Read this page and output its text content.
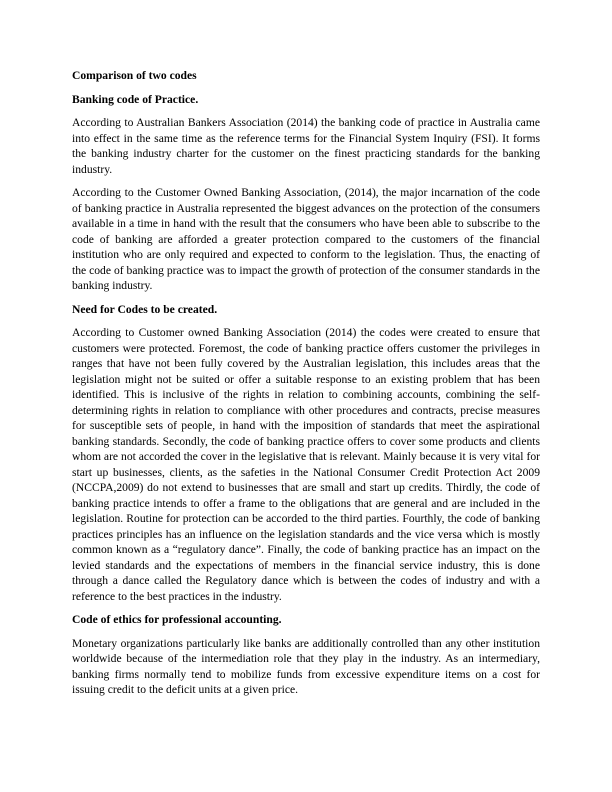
Comparison of two codes

Banking code of Practice.

According to Australian Bankers Association (2014) the banking code of practice in Australia came into effect in the same time as the reference terms for the Financial System Inquiry (FSI). It forms the banking industry charter for the customer on the finest practicing standards for the banking industry.

According to the Customer Owned Banking Association, (2014), the major incarnation of the code of banking practice in Australia represented the biggest advances on the protection of the consumers available in a time in hand with the result that the consumers who have been able to subscribe to the code of banking are afforded a greater protection compared to the customers of the financial institution who are only required and expected to conform to the legislation. Thus, the enacting of the code of banking practice was to impact the growth of protection of the consumer standards in the banking industry.

Need for Codes to be created.

According to Customer owned Banking Association (2014) the codes were created to ensure that customers were protected. Foremost, the code of banking practice offers customer the privileges in ranges that have not been fully covered by the Australian legislation, this includes areas that the legislation might not be suited or offer a suitable response to an existing problem that has been identified. This is inclusive of the rights in relation to combining accounts, combining the self-determining rights in relation to compliance with other procedures and contracts, precise measures for susceptible sets of people, in hand with the imposition of standards that meet the aspirational banking standards. Secondly, the code of banking practice offers to cover some products and clients whom are not accorded the cover in the legislative that is relevant. Mainly because it is very vital for start up businesses, clients, as the safeties in the National Consumer Credit Protection Act 2009 (NCCPA,2009) do not extend to businesses that are small and start up credits. Thirdly, the code of banking practice intends to offer a frame to the obligations that are general and are included in the legislation. Routine for protection can be accorded to the third parties. Fourthly, the code of banking practices principles has an influence on the legislation standards and the vice versa which is mostly common known as a “regulatory dance”. Finally, the code of banking practice has an impact on the levied standards and the expectations of members in the financial service industry, this is done through a dance called the Regulatory dance which is between the codes of industry and with a reference to the best practices in the industry.

Code of ethics for professional accounting.

Monetary organizations particularly like banks are additionally controlled than any other institution worldwide because of the intermediation role that they play in the industry. As an intermediary, banking firms normally tend to mobilize funds from excessive expenditure items on a cost for issuing credit to the deficit units at a given price.
